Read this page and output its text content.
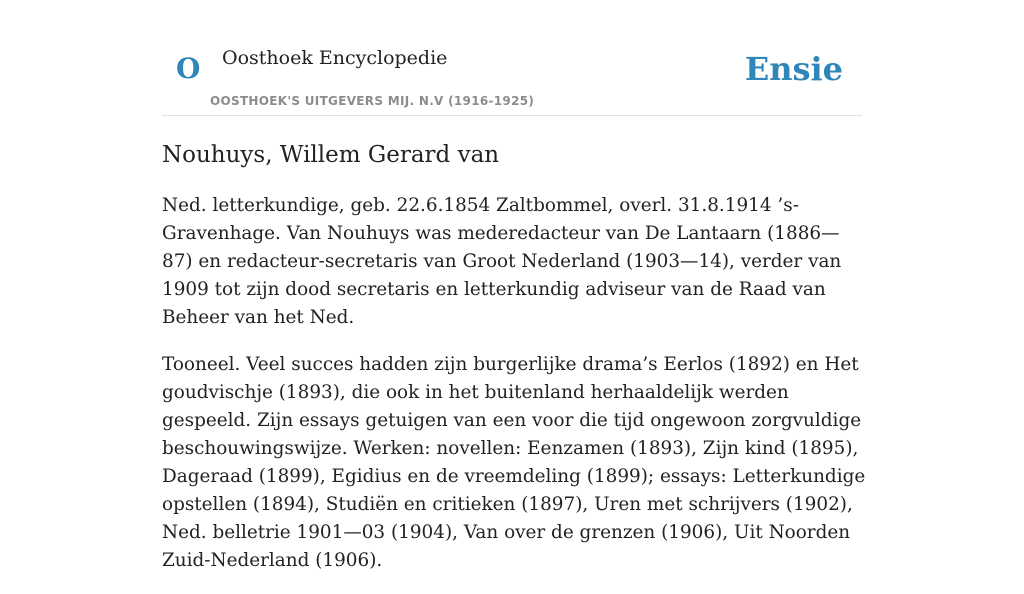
O Oosthoek Encyclopedie	Ensie
OOSTHOEK'S UITGEVERS MIJ. N.V (1916-1925)
Nouhuys, Willem Gerard van

Ned. letterkundige, geb. 22.6.1854 Zaltbommel, overl. 31.8.1914 ’s-Gravenhage. Van Nouhuys was mederedacteur van De Lantaarn (1886—87) en redacteur-secretaris van Groot Nederland (1903—14), verder van 1909 tot zijn dood secretaris en letterkundig adviseur van de Raad van Beheer van het Ned.

Tooneel. Veel succes hadden zijn burgerlijke drama’s Eerlos (1892) en Het goudvischje (1893), die ook in het buitenland herhaaldelijk werden gespeeld. Zijn essays getuigen van een voor die tijd ongewoon zorgvuldige beschouwingswijze. Werken: novellen: Eenzamen (1893), Zijn kind (1895), Dageraad (1899), Egidius en de vreemdeling (1899); essays: Letterkundige opstellen (1894), Studiën en critieken (1897), Uren met schrijvers (1902), Ned. belletrie 1901—03 (1904), Van over de grenzen (1906), Uit Noorden Zuid-Nederland (1906).
